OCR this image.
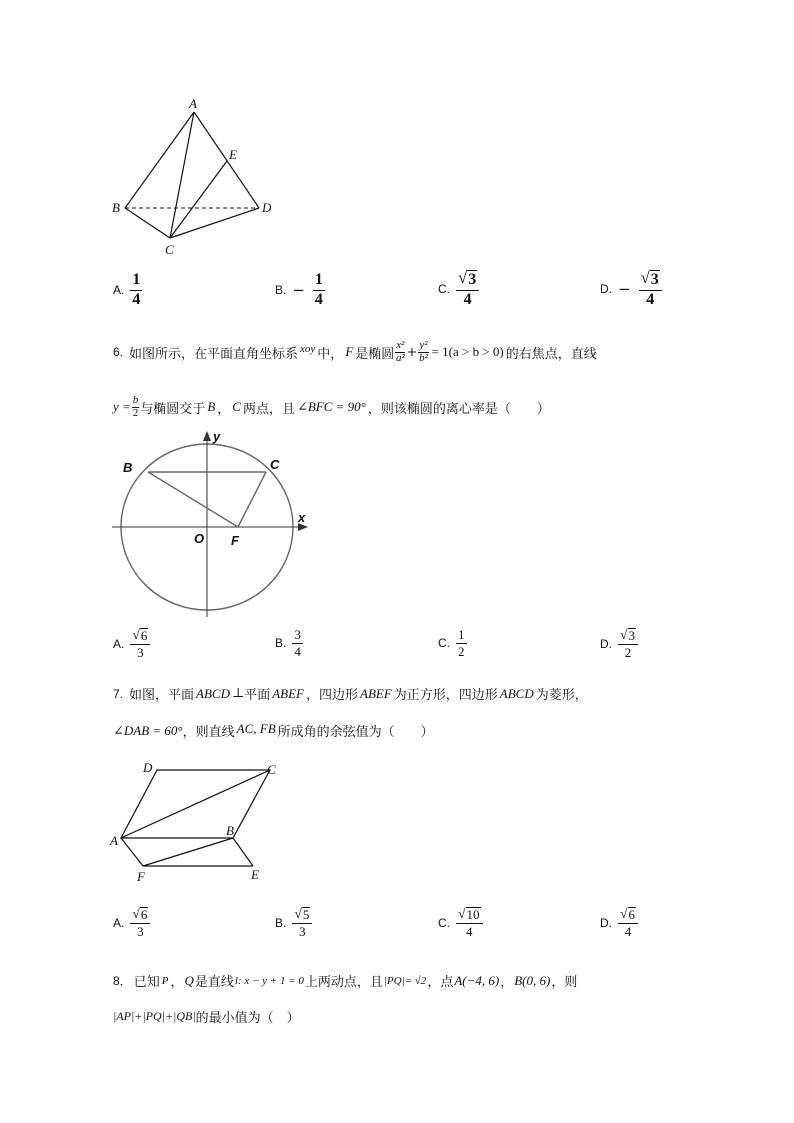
A
B
C
D
E
A. $\frac{1}{4}$	B. − $\frac{1}{4}$	C. $\frac{√ 3}{4}$	D. − $\frac{√ 3}{4}$
6. 如图所示，在平面直角坐标系 xoy 中， F 是椭圆 $\frac{\text{x²}}{\text{a²}} + \frac{\text{y²}}{\text{b²}} = 1(a > b > 0)$ 的右焦点，直线
$y = \frac{b}{2}$ 与椭圆交于 B ， C 两点，且 ∠BFC = 90° ，则该椭圆的离心率是（　　）
B	C
O F
x
y
A. $\frac{√ 6}{3}$	B. $\frac{3}{4}$	C. $\frac{1}{2}$	D. $\frac{√ 3}{2}$
7. 如图，平面 ABCD ⊥ 平面 ABEF ，四边形 ABEF 为正方形，四边形 ABCD 为菱形，
∠DAB = 60° ，则直线 AC, FB 所成角的余弦值为（　　）
A
B
C
D
E
F
A. $\frac{√ 6}{3}$	B. $\frac{√ 5}{3}$	C. $\frac{√ 10}{4}$	D. $\frac{√ 6}{4}$
8． 已知 P ， Q 是直线 l: x − y + 1 = 0 上两动点，且 |PQ|= √2 ，点 A(−4, 6) ， B(0, 6) ，则
|AP|+|PQ|+|QB| 的最小值为（　）
